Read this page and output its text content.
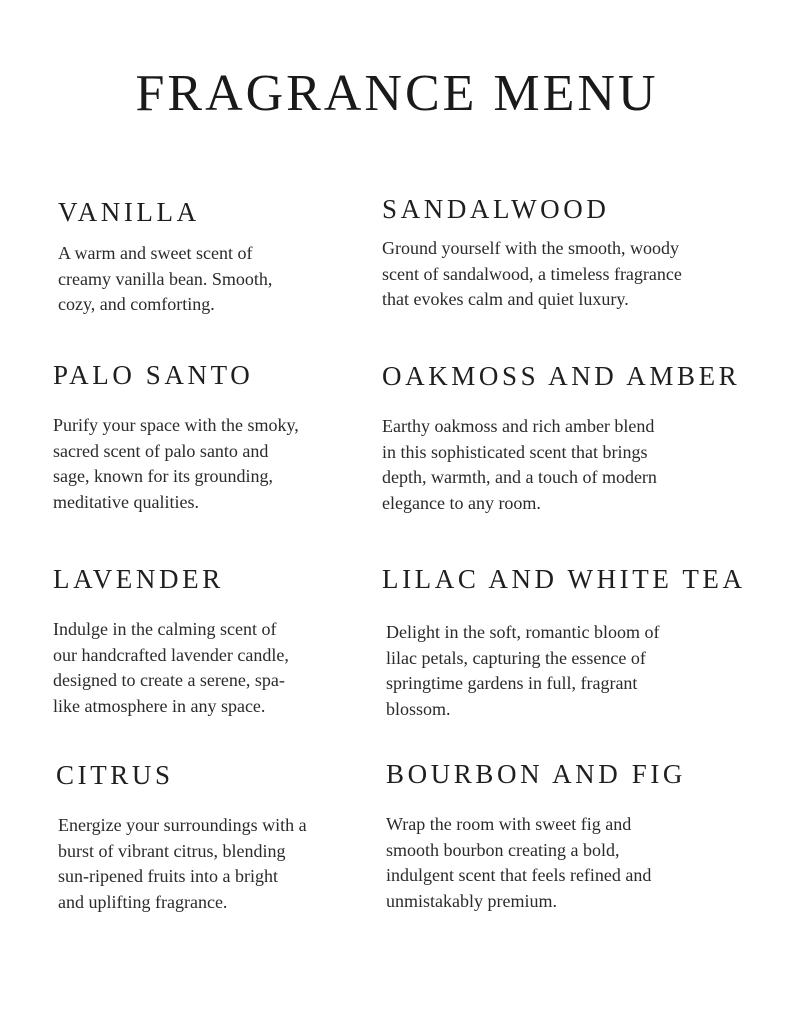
FRAGRANCE MENU
VANILLA

A warm and sweet scent of
creamy vanilla bean. Smooth,
cozy, and comforting.

SANDALWOOD

Ground yourself with the smooth, woody
scent of sandalwood, a timeless fragrance
that evokes calm and quiet luxury.

PALO SANTO

Purify your space with the smoky,
sacred scent of palo santo and
sage, known for its grounding,
meditative qualities.

OAKMOSS AND AMBER

Earthy oakmoss and rich amber blend
in this sophisticated scent that brings
depth, warmth, and a touch of modern
elegance to any room.

LAVENDER

Indulge in the calming scent of
our handcrafted lavender candle,
designed to create a serene, spa-
like atmosphere in any space.

LILAC AND WHITE TEA

Delight in the soft, romantic bloom of
lilac petals, capturing the essence of
springtime gardens in full, fragrant
blossom.

CITRUS

Energize your surroundings with a
burst of vibrant citrus, blending
sun-ripened fruits into a bright
and uplifting fragrance.

BOURBON AND FIG

Wrap the room with sweet fig and
smooth bourbon creating a bold,
indulgent scent that feels refined and
unmistakably premium.
